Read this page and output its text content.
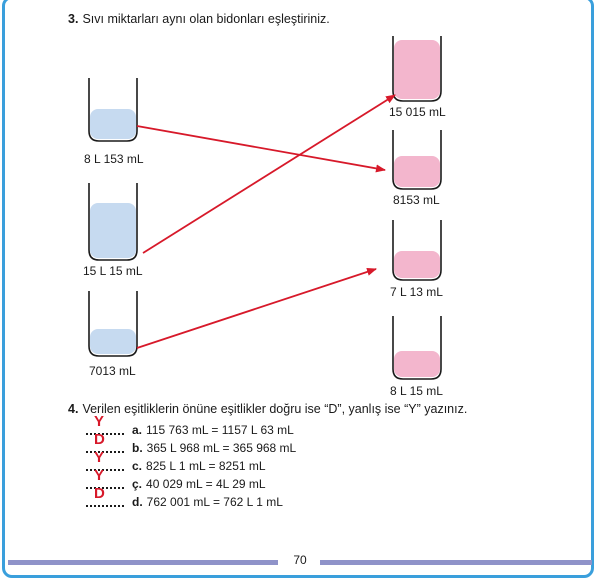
3. Sıvı miktarları aynı olan bidonları eşleştiriniz.
8 L 153 mL
15 L 15 mL
7013 mL
15 015 mL
8153 mL
7 L 13 mL
8 L 15 mL
4. Verilen eşitliklerin önüne eşitlikler doğru ise “D”, yanlış ise “Y” yazınız.
Y a. 115 763 mL = 1157 L 63 mL
D b. 365 L 968 mL = 365 968 mL
Y c. 825 L 1 mL = 8251 mL
Y ç. 40 029 mL = 4L 29 mL
D d. 762 001 mL = 762 L 1 mL
70
